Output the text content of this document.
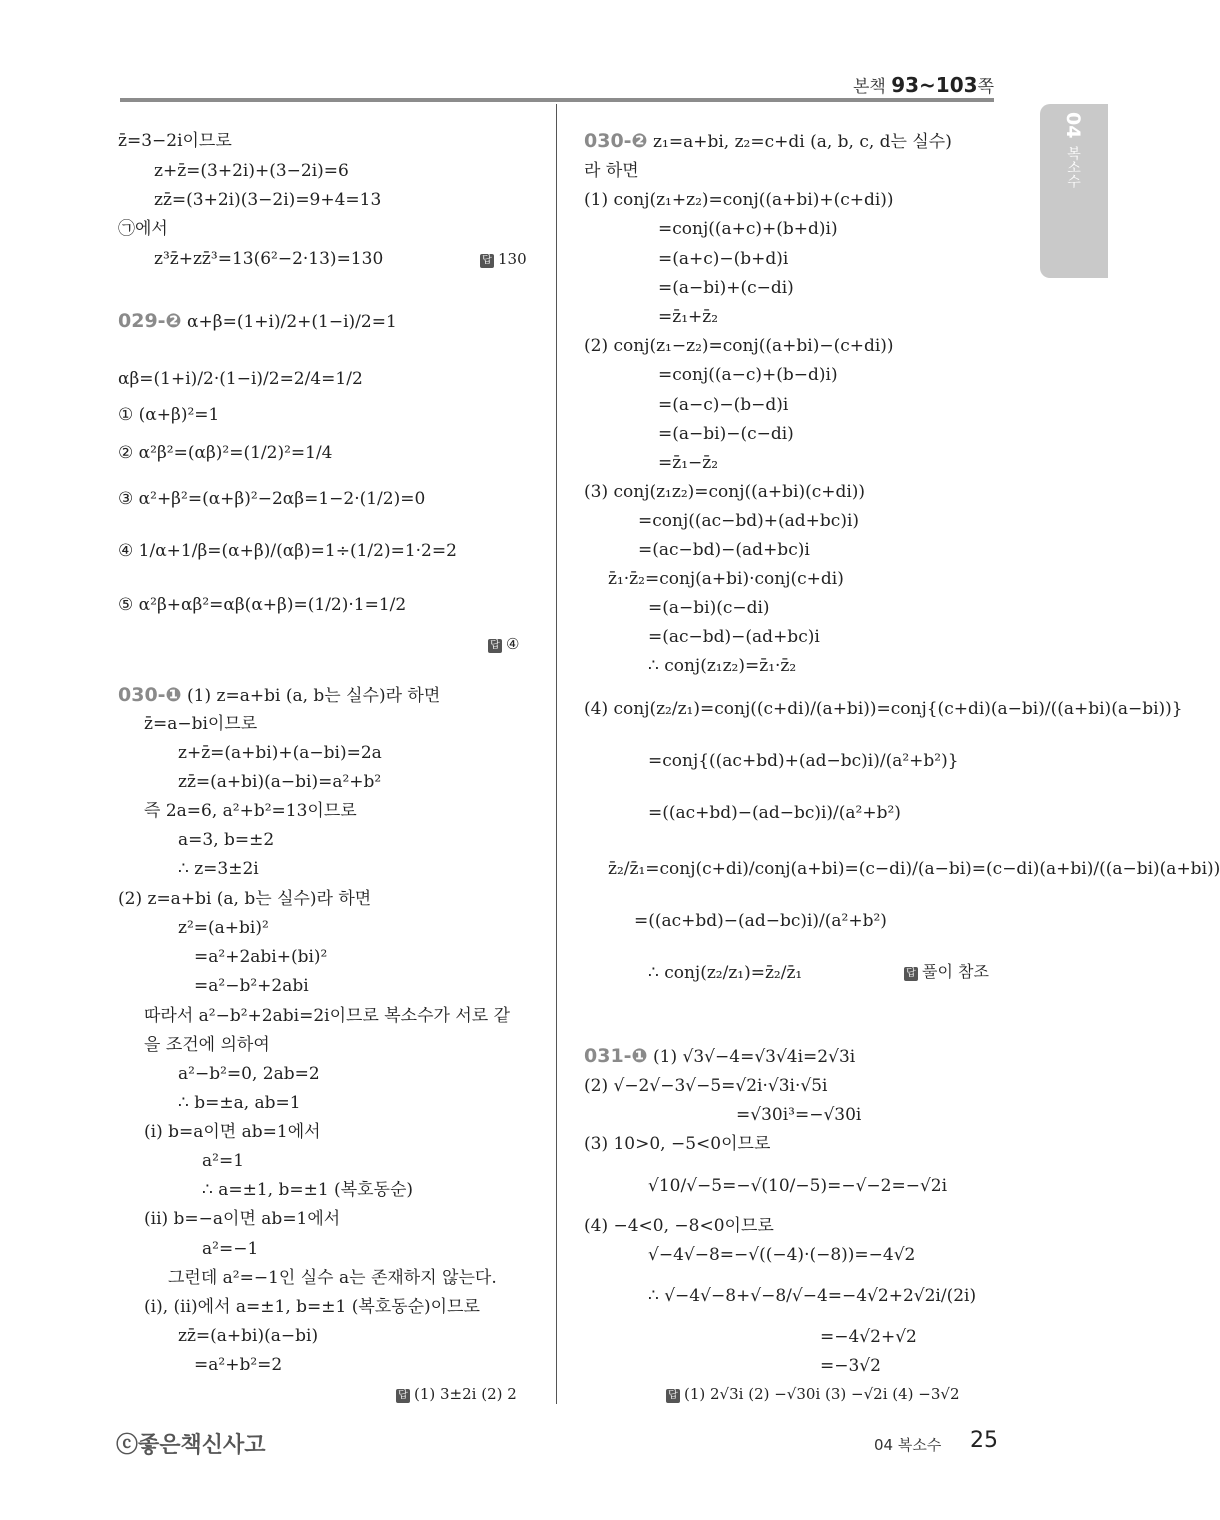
본책 93~103쪽
04복소수
z̄=3−2i이므로
z+z̄=(3+2i)+(3−2i)=6
zz̄=(3+2i)(3−2i)=9+4=13
㉠에서
z³z̄+zz̄³=13(6²−2·13)=130	답 130
029-❷ α+β=(1+i)/2+(1−i)/2=1
αβ=(1+i)/2·(1−i)/2=2/4=1/2
① (α+β)²=1
② α²β²=(αβ)²=(1/2)²=1/4
③ α²+β²=(α+β)²−2αβ=1−2·(1/2)=0
④ 1/α+1/β=(α+β)/(αβ)=1÷(1/2)=1·2=2
⑤ α²β+αβ²=αβ(α+β)=(1/2)·1=1/2
답 ④
030-❶ (1) z=a+bi (a, b는 실수)라 하면
z̄=a−bi이므로
z+z̄=(a+bi)+(a−bi)=2a
zz̄=(a+bi)(a−bi)=a²+b²
즉 2a=6, a²+b²=13이므로
a=3, b=±2
∴ z=3±2i
(2) z=a+bi (a, b는 실수)라 하면
z²=(a+bi)²
=a²+2abi+(bi)²
=a²−b²+2abi
따라서 a²−b²+2abi=2i이므로 복소수가 서로 같
을 조건에 의하여
a²−b²=0, 2ab=2
∴ b=±a, ab=1
(i) b=a이면 ab=1에서
a²=1
∴ a=±1, b=±1 (복호동순)
(ii) b=−a이면 ab=1에서
a²=−1
그런데 a²=−1인 실수 a는 존재하지 않는다.
(i), (ii)에서 a=±1, b=±1 (복호동순)이므로
zz̄=(a+bi)(a−bi)
=a²+b²=2
답 (1) 3±2i (2) 2
030-❷ z₁=a+bi, z₂=c+di (a, b, c, d는 실수)
라 하면
(1) conj(z₁+z₂)=conj((a+bi)+(c+di))
=conj((a+c)+(b+d)i)
=(a+c)−(b+d)i
=(a−bi)+(c−di)
=z̄₁+z̄₂
(2) conj(z₁−z₂)=conj((a+bi)−(c+di))
=conj((a−c)+(b−d)i)
=(a−c)−(b−d)i
=(a−bi)−(c−di)
=z̄₁−z̄₂
(3) conj(z₁z₂)=conj((a+bi)(c+di))
=conj((ac−bd)+(ad+bc)i)
=(ac−bd)−(ad+bc)i
z̄₁·z̄₂=conj(a+bi)·conj(c+di)
=(a−bi)(c−di)
=(ac−bd)−(ad+bc)i
∴ conj(z₁z₂)=z̄₁·z̄₂
(4) conj(z₂/z₁)=conj((c+di)/(a+bi))=conj{(c+di)(a−bi)/((a+bi)(a−bi))}
=conj{((ac+bd)+(ad−bc)i)/(a²+b²)}
=((ac+bd)−(ad−bc)i)/(a²+b²)
z̄₂/z̄₁=conj(c+di)/conj(a+bi)=(c−di)/(a−bi)=(c−di)(a+bi)/((a−bi)(a+bi))
=((ac+bd)−(ad−bc)i)/(a²+b²)
∴ conj(z₂/z₁)=z̄₂/z̄₁	답 풀이 참조
031-❶ (1) √3√−4=√3√4i=2√3i
(2) √−2√−3√−5=√2i·√3i·√5i
=√30i³=−√30i
(3) 10>0, −5<0이므로
√10/√−5=−√(10/−5)=−√−2=−√2i
(4) −4<0, −8<0이므로
√−4√−8=−√((−4)·(−8))=−4√2
∴ √−4√−8+√−8/√−4=−4√2+2√2i/(2i)
=−4√2+√2
=−3√2
답 (1) 2√3i (2) −√30i (3) −√2i (4) −3√2
ⓒ좋은책신사고	04 복소수 25
